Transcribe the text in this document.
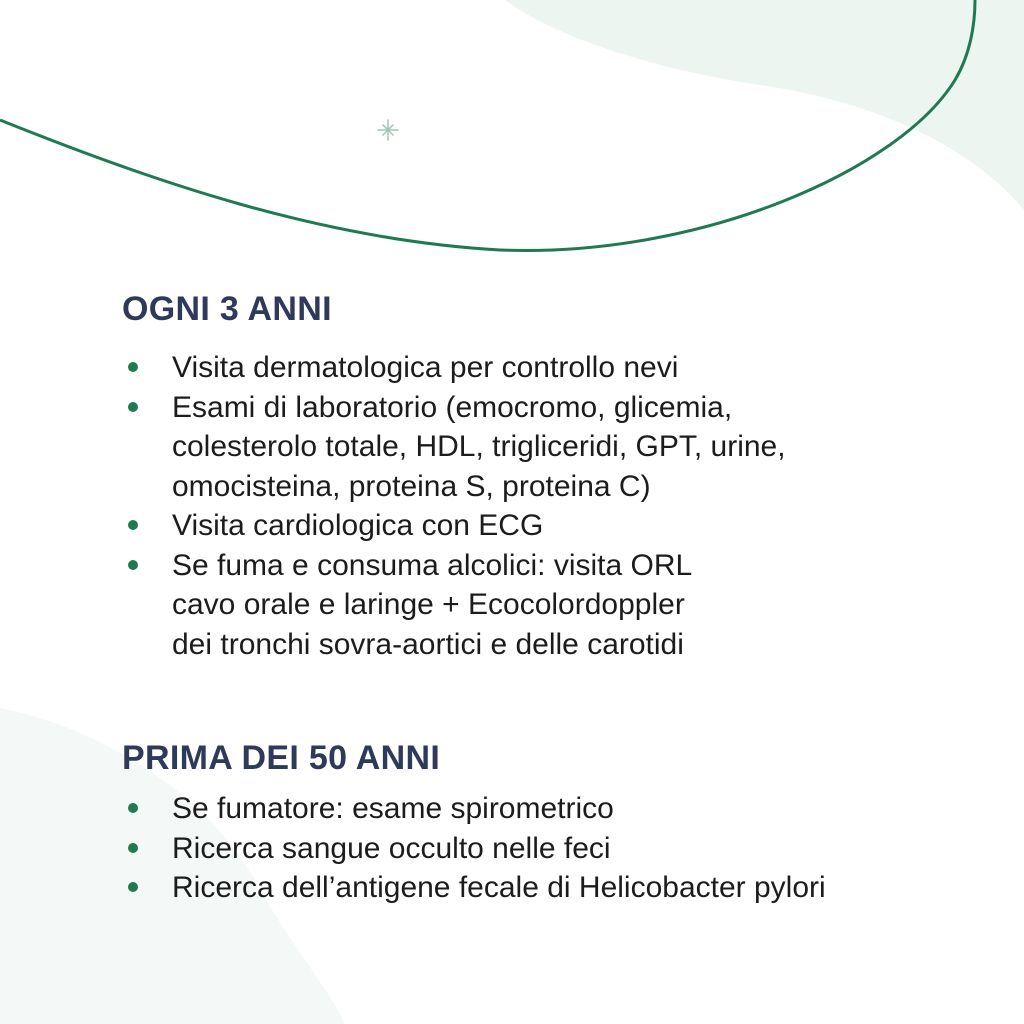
OGNI 3 ANNI
Visita dermatologica per controllo nevi
Esami di laboratorio (emocromo, glicemia,
colesterolo totale, HDL, trigliceridi, GPT, urine,
omocisteina, proteina S, proteina C)
Visita cardiologica con ECG
Se fuma e consuma alcolici: visita ORL
cavo orale e laringe + Ecocolordoppler
dei tronchi sovra-aortici e delle carotidi
PRIMA DEI 50 ANNI
Se fumatore: esame spirometrico
Ricerca sangue occulto nelle feci
Ricerca dell’antigene fecale di Helicobacter pylori
